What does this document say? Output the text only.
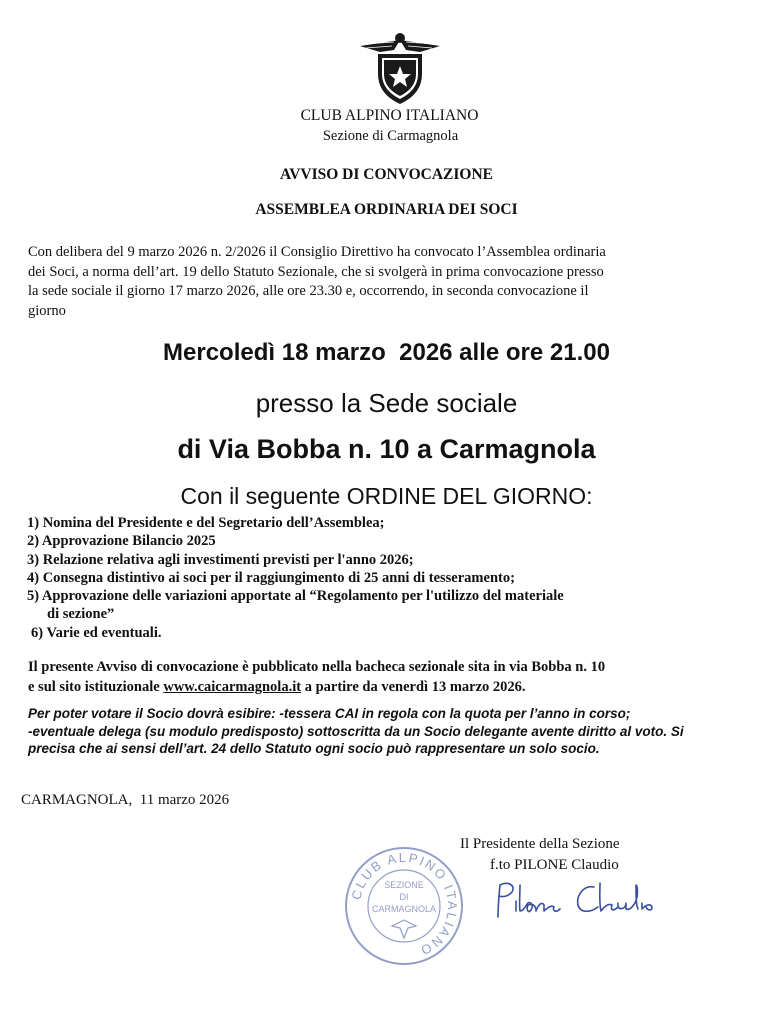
CLUB ALPINO ITALIANO
Sezione di Carmagnola
AVVISO DI CONVOCAZIONE
ASSEMBLEA ORDINARIA DEI SOCI
Con delibera del 9 marzo 2026 n. 2/2026 il Consiglio Direttivo ha convocato l’Assemblea ordinaria
dei Soci, a norma dell’art. 19 dello Statuto Sezionale, che si svolgerà in prima convocazione presso
la sede sociale il giorno 17 marzo 2026, alle ore 23.30 e, occorrendo, in seconda convocazione il
giorno
Mercoledì 18 marzo  2026 alle ore 21.00
presso la Sede sociale
di Via Bobba n. 10 a Carmagnola
Con il seguente ORDINE DEL GIORNO:
1) Nomina del Presidente e del Segretario dell’Assemblea;
2) Approvazione Bilancio 2025
3) Relazione relativa agli investimenti previsti per l'anno 2026;
4) Consegna distintivo ai soci per il raggiungimento di 25 anni di tesseramento;
5) Approvazione delle variazioni apportate al “Regolamento per l'utilizzo del materiale
di sezione”
6) Varie ed eventuali.
Il presente Avviso di convocazione è pubblicato nella bacheca sezionale sita in via Bobba n. 10
e sul sito istituzionale www.caicarmagnola.it a partire da venerdì 13 marzo 2026.
Per poter votare il Socio dovrà esibire: -tessera CAI in regola con la quota per l’anno in corso;
-eventuale delega (su modulo predisposto) sottoscritta da un Socio delegante avente diritto al voto. Si
precisa che ai sensi dell’art. 24 dello Statuto ogni socio può rappresentare un solo socio.
CARMAGNOLA,  11 marzo 2026
Il Presidente della Sezione
f.to PILONE Claudio
CLUB ALPINO ITALIANO
SEZIONE
DI
CARMAGNOLA
